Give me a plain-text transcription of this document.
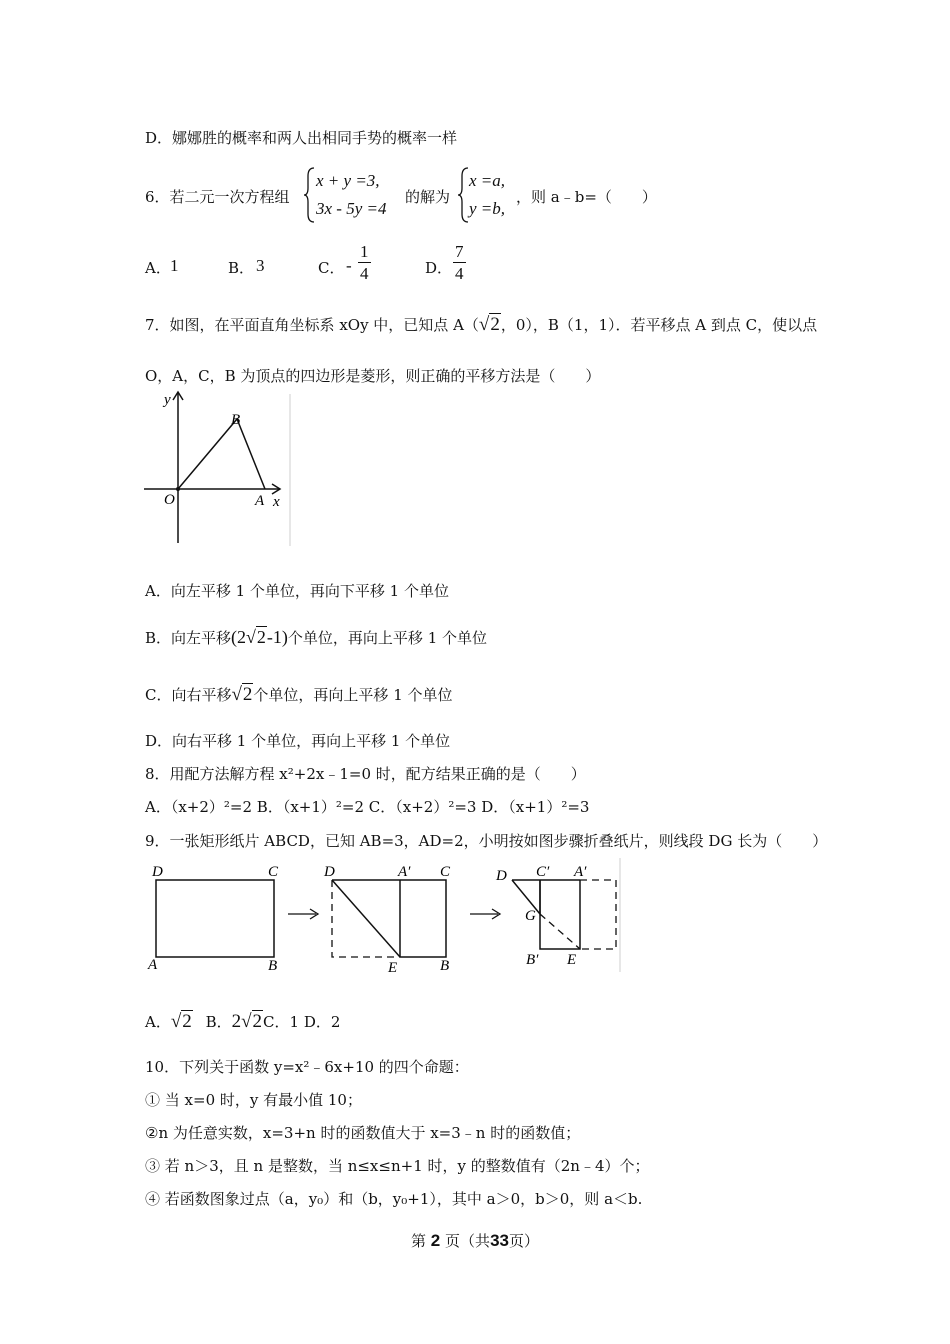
D．娜娜胜的概率和两人出相同手势的概率一样
6．若二元一次方程组
x + y =3,
3x - 5y =4
的解为
x =a,
y =b,
，则 a﹣b=（　　）
A． 1	B． 3	C． - $\frac{1}{4}$	D． $\frac{7}{4}$
7．如图，在平面直角坐标系 xOy 中，已知点 A（√2，0），B（1，1）．若平移点 A 到点 C，使以点
O，A，C，B 为顶点的四边形是菱形，则正确的平移方法是（　　）
y
x
O	A
B
A．向左平移 1 个单位，再向下平移 1 个单位
B．向左平移(2√2-1)个单位，再向上平移 1 个单位
C．向右平移√2个单位，再向上平移 1 个单位
D．向右平移 1 个单位，再向上平移 1 个单位
8．用配方法解方程 x²+2x﹣1=0 时，配方结果正确的是（　　）
A．（x+2）²=2 B．（x+1）²=2 C．（x+2）²=3 D．（x+1）²=3
9．一张矩形纸片 ABCD，已知 AB=3，AD=2，小明按如图步骤折叠纸片，则线段 DG 长为（　　）
D	C
A	B
D	A′ C
E	B
D C′ A′
G
B′ E
A．√2 B．2√2C．1 D．2
10．下列关于函数 y=x²﹣6x+10 的四个命题：
① 当 x=0 时，y 有最小值 10；
②n 为任意实数，x=3+n 时的函数值大于 x=3﹣n 时的函数值；
③ 若 n＞3，且 n 是整数，当 n≤x≤n+1 时，y 的整数值有（2n﹣4）个；
④ 若函数图象过点（a，y₀）和（b，y₀+1），其中 a＞0，b＞0，则 a＜b.
第 2 页（共33页）
